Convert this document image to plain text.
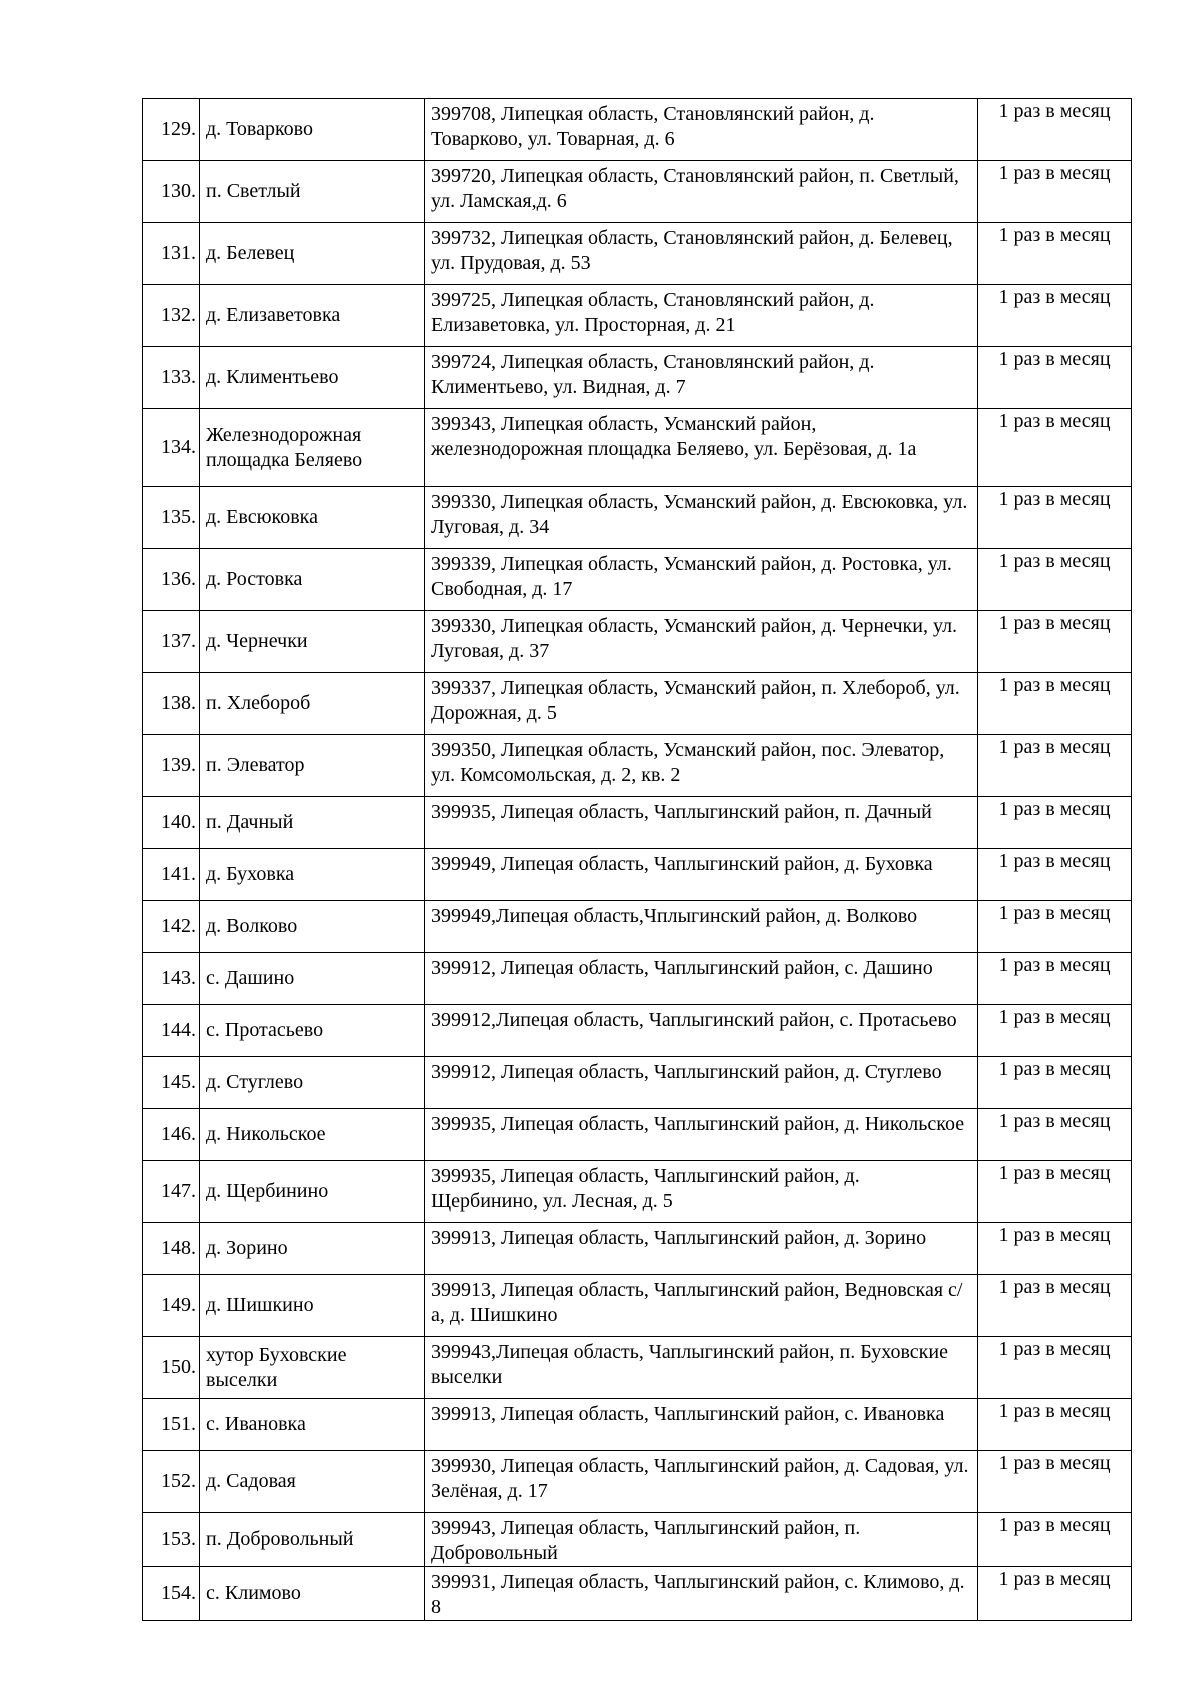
129.	д. Товарково	399708, Липецкая область, Становлянский район, д. Товарково, ул. Товарная, д. 6	1 раз в месяц
130.	п. Светлый	399720, Липецкая область, Становлянский район, п. Светлый, ул. Ламская,д. 6	1 раз в месяц
131.	д. Белевец	399732, Липецкая область, Становлянский район, д. Белевец, ул. Прудовая, д. 53	1 раз в месяц
132.	д. Елизаветовка	399725, Липецкая область, Становлянский район, д. Елизаветовка, ул. Просторная, д. 21	1 раз в месяц
133.	д. Климентьево	399724, Липецкая область, Становлянский район, д. Климентьево, ул. Видная, д. 7	1 раз в месяц
134.	Железнодорожная площадка Беляево	399343, Липецкая область, Усманский район, железнодорожная площадка Беляево, ул. Берёзовая, д. 1а	1 раз в месяц
135.	д. Евсюковка	399330, Липецкая область, Усманский район, д. Евсюковка, ул. Луговая, д. 34	1 раз в месяц
136.	д. Ростовка	399339, Липецкая область, Усманский район, д. Ростовка, ул. Свободная, д. 17	1 раз в месяц
137.	д. Чернечки	399330, Липецкая область, Усманский район, д. Чернечки, ул. Луговая, д. 37	1 раз в месяц
138.	п. Хлебороб	399337, Липецкая область, Усманский район, п. Хлебороб, ул. Дорожная, д. 5	1 раз в месяц
139.	п. Элеватор	399350, Липецкая область, Усманский район, пос. Элеватор, ул. Комсомольская, д. 2, кв. 2	1 раз в месяц
140.	п. Дачный	399935, Липецая область, Чаплыгинский район, п. Дачный	1 раз в месяц
141.	д. Буховка	399949, Липецая область, Чаплыгинский район, д. Буховка	1 раз в месяц
142.	д. Волково	399949,Липецая область,Чплыгинский район, д. Волково	1 раз в месяц
143.	с. Дашино	399912, Липецая область, Чаплыгинский район, с. Дашино	1 раз в месяц
144.	с. Протасьево	399912,Липецая область, Чаплыгинский район, с. Протасьево	1 раз в месяц
145.	д. Стуглево	399912, Липецая область, Чаплыгинский район, д. Стуглево	1 раз в месяц
146.	д. Никольское	399935, Липецая область, Чаплыгинский район, д. Никольское	1 раз в месяц
147.	д. Щербинино	399935, Липецая область, Чаплыгинский район, д. Щербинино, ул. Лесная, д. 5	1 раз в месяц
148.	д. Зорино	399913, Липецая область, Чаплыгинский район, д. Зорино	1 раз в месяц
149.	д. Шишкино	399913, Липецая область, Чаплыгинский район, Ведновская с/а, д. Шишкино	1 раз в месяц
150.	хутор Буховские выселки	399943,Липецая область, Чаплыгинский район, п. Буховские выселки	1 раз в месяц
151.	с. Ивановка	399913, Липецая область, Чаплыгинский район, с. Ивановка	1 раз в месяц
152.	д. Садовая	399930, Липецая область, Чаплыгинский район, д. Садовая, ул. Зелёная, д. 17	1 раз в месяц
153.	п. Добровольный	399943, Липецая область, Чаплыгинский район, п. Добровольный	1 раз в месяц
154.	с. Климово	399931, Липецая область, Чаплыгинский район, с. Климово, д. 8	1 раз в месяц
